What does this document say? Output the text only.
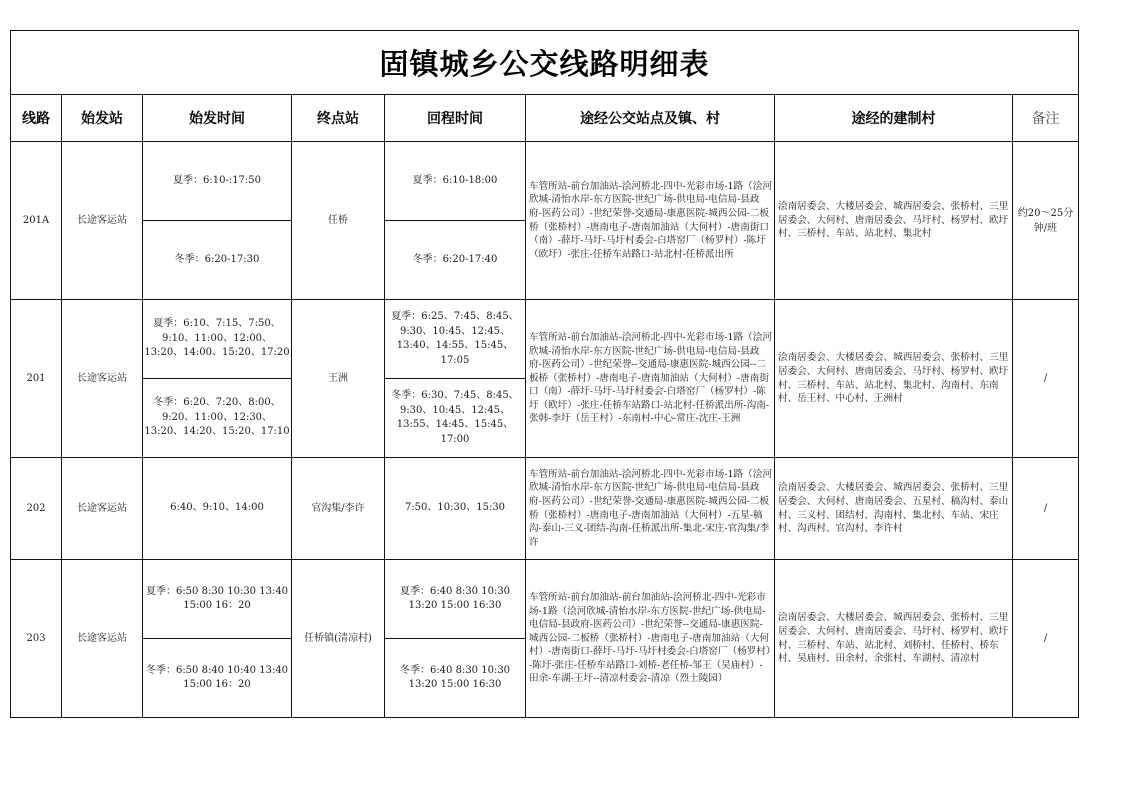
固镇城乡公交线路明细表							
线路	始发站	始发时间	终点站	回程时间	途经公交站点及镇、村	途经的建制村	备注
201A	长途客运站	夏季：6:10-:17:50	任桥	夏季：6:10-18:00	车管所站-前台加油站-浍河桥北-四中-光彩市场-1路（浍河欣城-清怡水岸-东方医院-世纪广场-供电局-电信局-县政府-医药公司）-世纪荣誉-交通局-康惠医院-城西公园-二板桥（张桥村）-唐南电子-唐南加油站（大何村）-唐南街口（南）-薛圩-马圩-马圩村委会-白塔窑厂（杨罗村）-陈圩（欧圩）-张庄-任桥车站路口-站北村-任桥派出所	浍南居委会、大楼居委会、城西居委会、张桥村、三里居委会、大何村、唐南居委会、马圩村、杨罗村、欧圩村、三桥村、车站、站北村、集北村	约20～25分钟/班
		冬季：6:20-17:30		冬季：6:20-17:40			
201	长途客运站	夏季：6:10、7:15、7:50、9:10、11:00、12:00、13:20、14:00、15:20、17:20	王洲	夏季：6:25、7:45、8:45、9:30、10:45、12:45、13:40、14:55、15:45、17:05	车管所站-前台加油站-浍河桥北-四中-光彩市场-1路（浍河欣城-清怡水岸-东方医院-世纪广场-供电局-电信局-县政府-医药公司）-世纪荣誉--交通局-康惠医院-城西公园--二板桥（张桥村）-唐南电子-唐南加油站（大何村）-唐南街口（南）-薛圩-马圩-马圩村委会-白塔窑厂（杨罗村）-陈圩（欧圩）-张庄-任桥车站路口-站北村-任桥派出所-沟南-张韩-李圩（岳王村）-东南村-中心-常庄-沈庄-王洲	浍南居委会、大楼居委会、城西居委会、张桥村、三里居委会、大何村、唐南居委会、马圩村、杨罗村、欧圩村、三桥村、车站、站北村、集北村、沟南村、东南村、岳王村、中心村、王洲村	/
		冬季：6:20、7:20、8:00、9:20、11:00、12:30、13:20、14:20、15:20、17:10		冬季：6:30、7:45、8:45、9:30、10:45、12:45、13:55、14:45、15:45、17:00			
202	长途客运站	6:40、9:10、14:00	官沟集/李许	7:50、10:30、15:30	车管所站-前台加油站-浍河桥北-四中-光彩市场-1路（浍河欣城-清怡水岸-东方医院-世纪广场-供电局-电信局-县政府-医药公司）-世纪荣誉-交通局-康惠医院-城西公园-二板桥（张桥村）-唐南电子-唐南加油站（大何村）-五星-稿沟-泰山-三义-团结-沟南-任桥派出所-集北-宋庄-官沟集/李许	浍南居委会、大楼居委会、城西居委会、张桥村、三里居委会、大何村、唐南居委会、五星村、稿沟村、泰山村、三义村、团结村、沟南村、集北村、车站、宋庄村、沟西村、官沟村、李许村	/
203	长途客运站	夏季：6:50 8:30 10:30 13:40 15:00 16：20	任桥镇(清凉村)	夏季：6:40 8:30 10:30 13:20 15:00 16:30	车管所站-前台加油站-前台加油站-浍河桥北-四中-光彩市场-1路（浍河欣城-清怡水岸-东方医院-世纪广场-供电局-电信局-县政府-医药公司）-世纪荣誉--交通局-康惠医院-城西公园-二板桥（张桥村）-唐南电子-唐南加油站（大何村）-唐南街口-薛圩-马圩-马圩村委会-白塔窑厂（杨罗村）-陈圩-张庄-任桥车站路口-刘桥-老任桥-邹王（吴庙村）-田余-车湖-王圩--清凉村委会-清凉（烈士陵园）	浍南居委会、大楼居委会、城西居委会、张桥村、三里居委会、大何村、唐南居委会、马圩村、杨罗村、欧圩村、三桥村、车站、站北村、刘桥村、任桥村、桥东村、吴庙村、田余村、余张村、车湖村、清凉村	/
		冬季：6:50 8:40 10:40 13:40 15:00 16：20		冬季：6:40 8:30 10:30 13:20 15:00 16:30			
